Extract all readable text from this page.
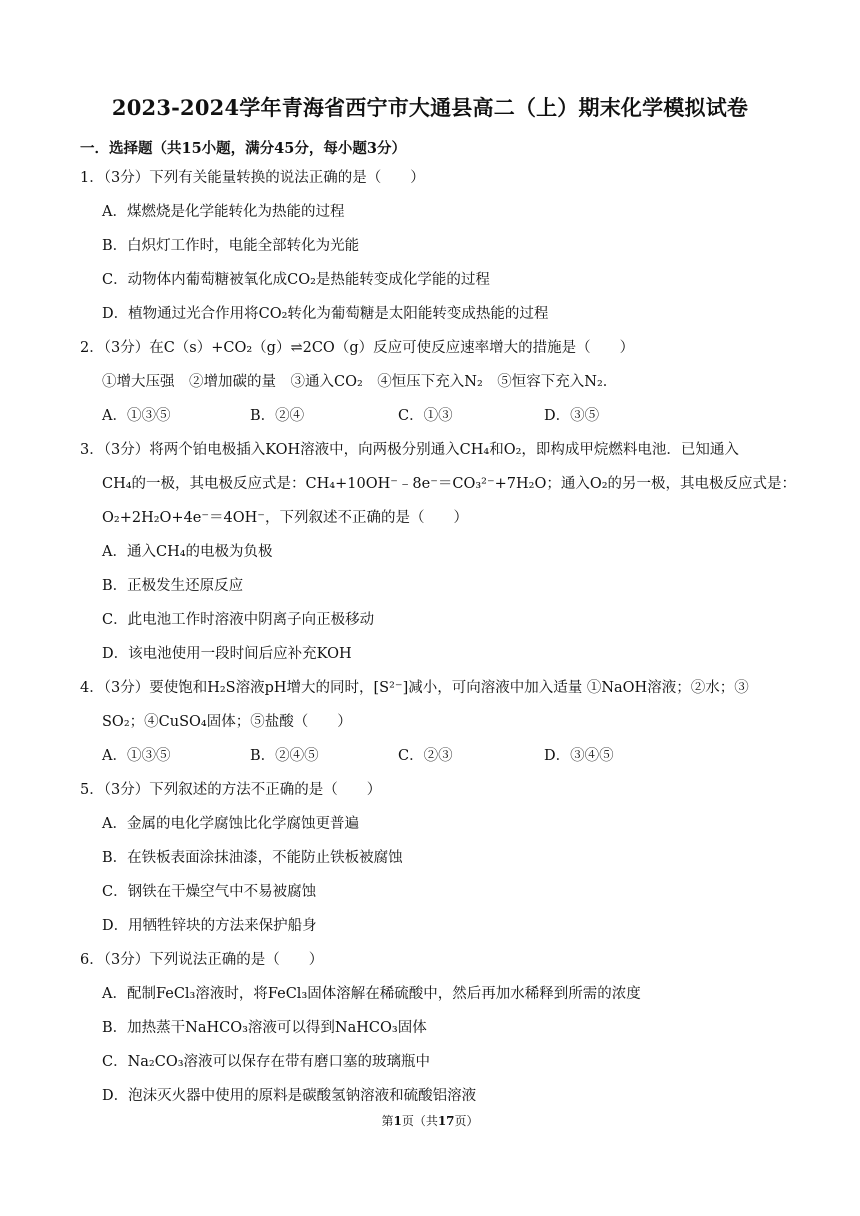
2023-2024学年青海省西宁市大通县高二（上）期末化学模拟试卷
一．选择题（共15小题，满分45分，每小题3分）
1．（3分）下列有关能量转换的说法正确的是（　　）
A．煤燃烧是化学能转化为热能的过程
B．白炽灯工作时，电能全部转化为光能
C．动物体内葡萄糖被氧化成CO₂是热能转变成化学能的过程
D．植物通过光合作用将CO₂转化为葡萄糖是太阳能转变成热能的过程
2．（3分）在C（s）+CO₂（g）⇌2CO（g）反应可使反应速率增大的措施是（　　）
①增大压强　②增加碳的量　③通入CO₂　④恒压下充入N₂　⑤恒容下充入N₂．
A．①③⑤	B．②④	C．①③	D．③⑤
3．（3分）将两个铂电极插入KOH溶液中，向两极分别通入CH₄和O₂，即构成甲烷燃料电池．已知通入
CH₄的一极，其电极反应式是：CH₄+10OH⁻﹣8e⁻＝CO₃²⁻+7H₂O；通入O₂的另一极，其电极反应式是：
O₂+2H₂O+4e⁻＝4OH⁻，下列叙述不正确的是（　　）
A．通入CH₄的电极为负极
B．正极发生还原反应
C．此电池工作时溶液中阴离子向正极移动
D．该电池使用一段时间后应补充KOH
4．（3分）要使饱和H₂S溶液pH增大的同时，[S²⁻]减小，可向溶液中加入适量 ①NaOH溶液；②水；③
SO₂；④CuSO₄固体；⑤盐酸（　　）
A．①③⑤	B．②④⑤	C．②③	D．③④⑤
5．（3分）下列叙述的方法不正确的是（　　）
A．金属的电化学腐蚀比化学腐蚀更普遍
B．在铁板表面涂抹油漆，不能防止铁板被腐蚀
C．钢铁在干燥空气中不易被腐蚀
D．用牺牲锌块的方法来保护船身
6．（3分）下列说法正确的是（　　）
A．配制FeCl₃溶液时，将FeCl₃固体溶解在稀硫酸中，然后再加水稀释到所需的浓度
B．加热蒸干NaHCO₃溶液可以得到NaHCO₃固体
C．Na₂CO₃溶液可以保存在带有磨口塞的玻璃瓶中
D．泡沫灭火器中使用的原料是碳酸氢钠溶液和硫酸铝溶液
第1页（共17页）
